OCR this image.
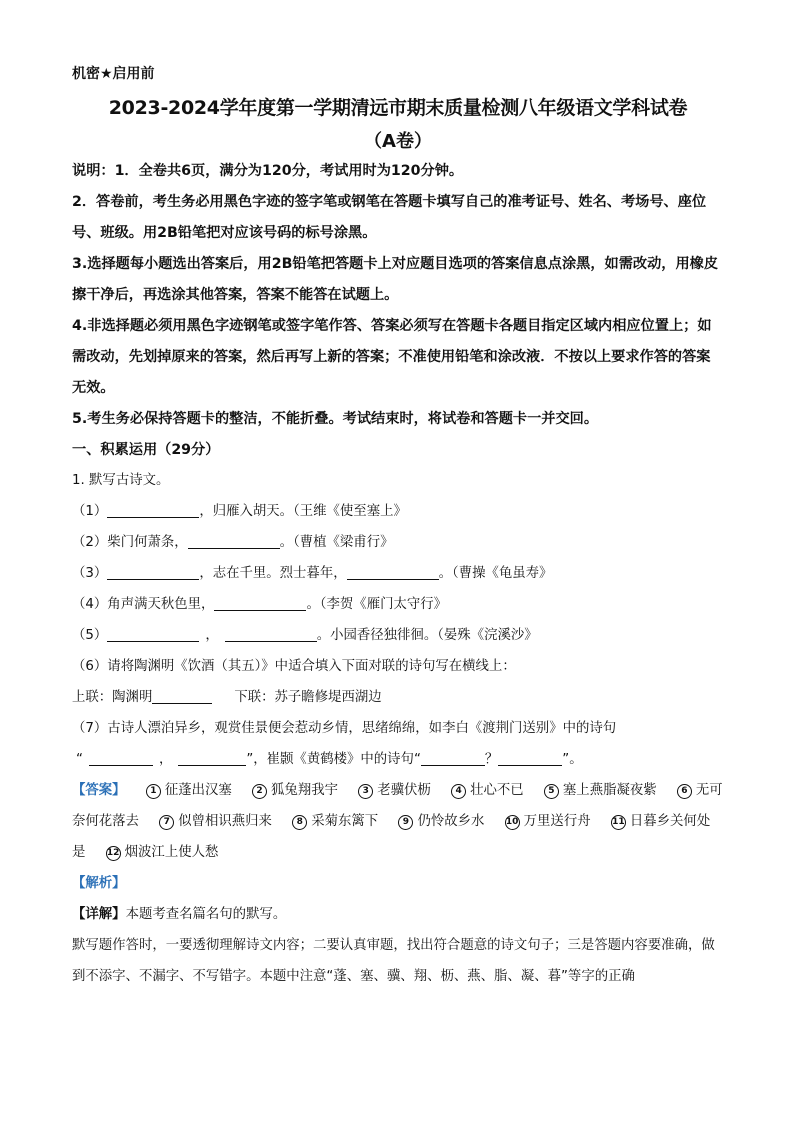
机密★启用前

2023-2024学年度第一学期清远市期末质量检测八年级语文学科试卷

（A卷）

说明：1．全卷共6页，满分为120分，考试用时为120分钟。

2．答卷前，考生务必用黑色字迹的签字笔或钢笔在答题卡填写自己的准考证号、姓名、考场号、座位号、班级。用2B铅笔把对应该号码的标号涂黑。

3.选择题每小题选出答案后，用2B铅笔把答题卡上对应题目选项的答案信息点涂黑，如需改动，用橡皮擦干净后，再选涂其他答案，答案不能答在试题上。

4.非选择题必须用黑色字迹钢笔或签字笔作答、答案必须写在答题卡各题目指定区域内相应位置上；如需改动，先划掉原来的答案，然后再写上新的答案；不准使用铅笔和涂改液．不按以上要求作答的答案无效。

5.考生务必保持答题卡的整洁，不能折叠。考试结束时，将试卷和答题卡一并交回。

一、积累运用（29分）

1. 默写古诗文。

（1）	，归雁入胡天。（王维《使至塞上》

（2）柴门何萧条，	。（曹植《梁甫行》

（3）	，志在千里。烈士暮年，	。（曹操《龟虽寿》

（4）角声满天秋色里，	。（李贺《雁门太守行》

（5）	，	。小园香径独徘徊。（晏殊《浣溪沙》

（6）请将陶渊明《饮酒（其五）》中适合填入下面对联的诗句写在横线上：

上联：陶渊明	下联：苏子瞻修堤西湖边

（7）古诗人漂泊异乡，观赏佳景便会惹动乡情，思绪绵绵，如李白《渡荆门送别》中的诗句

“	，	”，崔颢《黄鹤楼》中的诗句“	？	”。

【答案】	1 征蓬出汉塞	2 狐兔翔我宇	3 老骥伏枥	4 壮心不已	5 塞上燕脂凝夜紫	6 无可奈何花落去	7 似曾相识燕归来	8 采菊东篱下	9 仍怜故乡水 10 万里送行舟 11 日暮乡关何处是 12 烟波江上使人愁

【解析】

【详解】本题考查名篇名句的默写。

默写题作答时，一要透彻理解诗文内容；二要认真审题，找出符合题意的诗文句子；三是答题内容要准确，做到不添字、不漏字、不写错字。本题中注意“蓬、塞、骥、翔、枥、燕、脂、凝、暮”等字的正确
